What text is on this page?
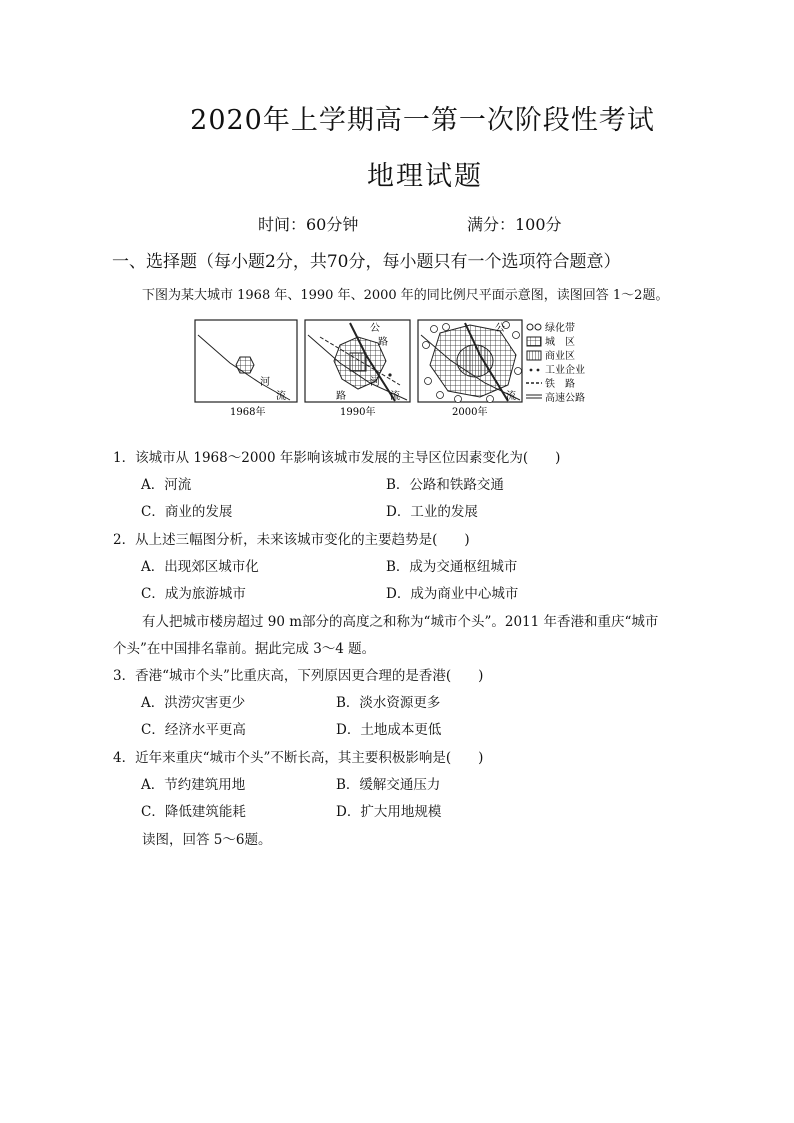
2020年上学期高一第一次阶段性考试
地理试题
时间：60分钟	满分：100分
一、选择题（每小题2分，共70分，每小题只有一个选项符合题意）
下图为某大城市 1968 年、1990 年、2000 年的同比例尺平面示意图，读图回答 1～2题。
河
流
1968年
公
路
河
路	流
1990年
公
流
2000年
绿化带
城　区
商业区
工业企业
铁　路
高速公路
1．该城市从 1968～2000 年影响该城市发展的主导区位因素变化为(　　)
A．河流	B．公路和铁路交通
C．商业的发展	D．工业的发展
2．从上述三幅图分析，未来该城市变化的主要趋势是(　　)
A．出现郊区城市化	B．成为交通枢纽城市
C．成为旅游城市	D．成为商业中心城市
有人把城市楼房超过 90 m部分的高度之和称为“城市个头”。2011 年香港和重庆“城市
个头”在中国排名靠前。据此完成 3～4 题。
3．香港“城市个头”比重庆高，下列原因更合理的是香港(　　)
A．洪涝灾害更少	B．淡水资源更多
C．经济水平更高	D．土地成本更低
4．近年来重庆“城市个头”不断长高，其主要积极影响是(　　)
A．节约建筑用地	B．缓解交通压力
C．降低建筑能耗	D．扩大用地规模
读图，回答 5～6题。
